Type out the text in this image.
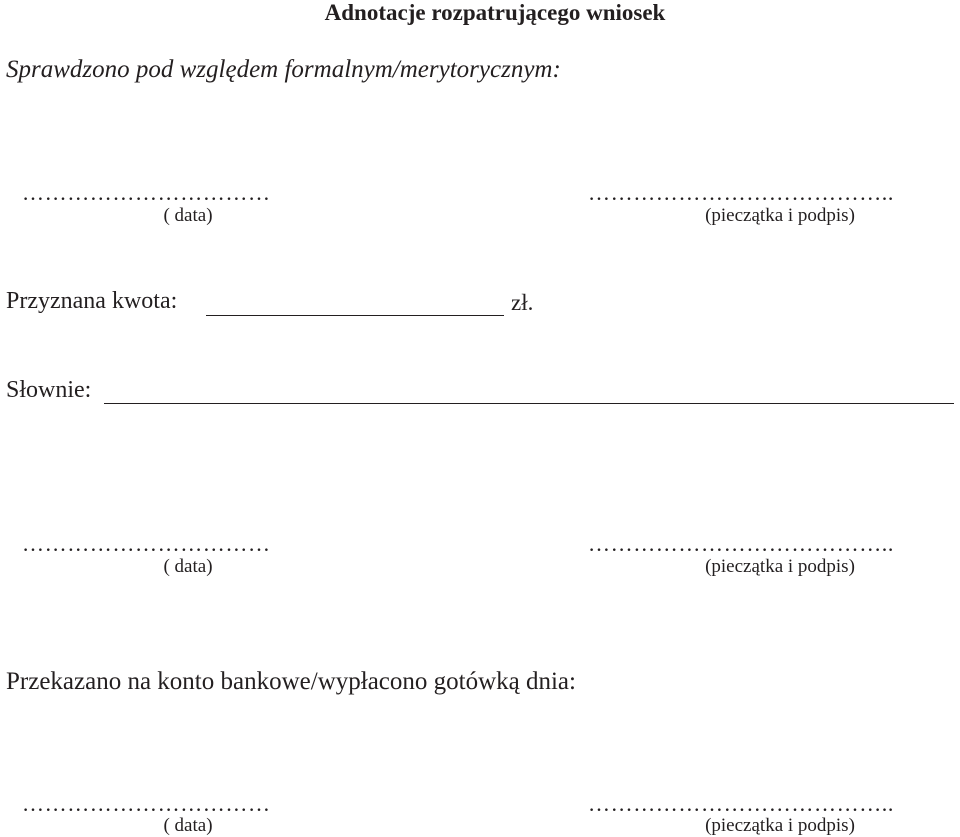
Adnotacje rozpatrującego wniosek
Sprawdzono pod względem formalnym/merytorycznym:
……………………………
( data)
…………………………………..
(pieczątka i podpis)
Przyznana kwota:	zł.
Słownie:
……………………………
( data)
…………………………………..
(pieczątka i podpis)
Przekazano na konto bankowe/wypłacono gotówką dnia:
……………………………
( data)
…………………………………..
(pieczątka i podpis)
